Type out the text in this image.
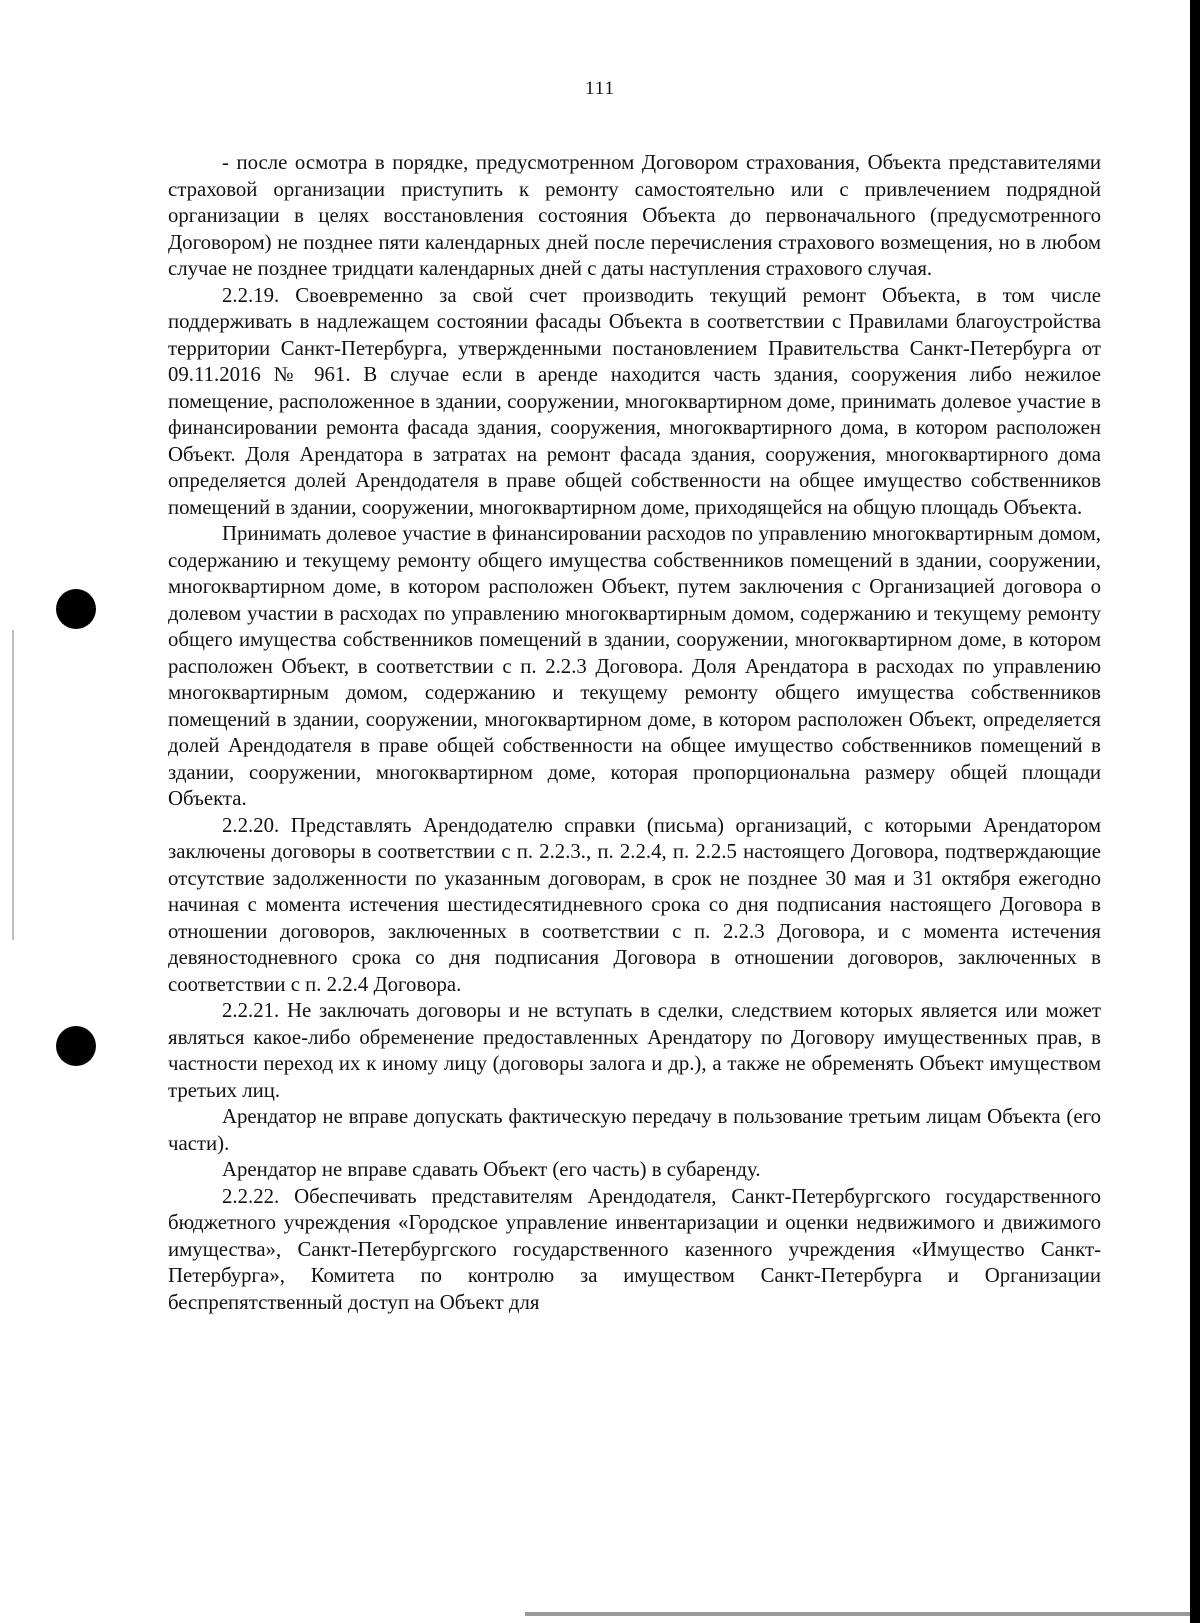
111

- после осмотра в порядке, предусмотренном Договором страхования, Объекта представителями страховой организации приступить к ремонту самостоятельно или с привлечением подрядной организации в целях восстановления состояния Объекта до первоначального (предусмотренного Договором) не позднее пяти календарных дней после перечисления страхового возмещения, но в любом случае не позднее тридцати календарных дней с даты наступления страхового случая.

2.2.19. Своевременно за свой счет производить текущий ремонт Объекта, в том числе поддерживать в надлежащем состоянии фасады Объекта в соответствии с Правилами благоустройства территории Санкт-Петербурга, утвержденными постановлением Правительства Санкт-Петербурга от 09.11.2016 № 961. В случае если в аренде находится часть здания, сооружения либо нежилое помещение, расположенное в здании, сооружении, многоквартирном доме, принимать долевое участие в финансировании ремонта фасада здания, сооружения, многоквартирного дома, в котором расположен Объект. Доля Арендатора в затратах на ремонт фасада здания, сооружения, многоквартирного дома определяется долей Арендодателя в праве общей собственности на общее имущество собственников помещений в здании, сооружении, многоквартирном доме, приходящейся на общую площадь Объекта.

Принимать долевое участие в финансировании расходов по управлению многоквартирным домом, содержанию и текущему ремонту общего имущества собственников помещений в здании, сооружении, многоквартирном доме, в котором расположен Объект, путем заключения с Организацией договора о долевом участии в расходах по управлению многоквартирным домом, содержанию и текущему ремонту общего имущества собственников помещений в здании, сооружении, многоквартирном доме, в котором расположен Объект, в соответствии с п. 2.2.3 Договора. Доля Арендатора в расходах по управлению многоквартирным домом, содержанию и текущему ремонту общего имущества собственников помещений в здании, сооружении, многоквартирном доме, в котором расположен Объект, определяется долей Арендодателя в праве общей собственности на общее имущество собственников помещений в здании, сооружении, многоквартирном доме, которая пропорциональна размеру общей площади Объекта.

2.2.20. Представлять Арендодателю справки (письма) организаций, с которыми Арендатором заключены договоры в соответствии с п. 2.2.3., п. 2.2.4, п. 2.2.5 настоящего Договора, подтверждающие отсутствие задолженности по указанным договорам, в срок не позднее 30 мая и 31 октября ежегодно начиная с момента истечения шестидесятидневного срока со дня подписания настоящего Договора в отношении договоров, заключенных в соответствии с п. 2.2.3 Договора, и с момента истечения девяностодневного срока со дня подписания Договора в отношении договоров, заключенных в соответствии с п. 2.2.4 Договора.

2.2.21. Не заключать договоры и не вступать в сделки, следствием которых является или может являться какое-либо обременение предоставленных Арендатору по Договору имущественных прав, в частности переход их к иному лицу (договоры залога и др.), а также не обременять Объект имуществом третьих лиц.

Арендатор не вправе допускать фактическую передачу в пользование третьим лицам Объекта (его части).

Арендатор не вправе сдавать Объект (его часть) в субаренду.

2.2.22. Обеспечивать представителям Арендодателя, Санкт-Петербургского государственного бюджетного учреждения «Городское управление инвентаризации и оценки недвижимого и движимого имущества», Санкт-Петербургского государственного казенного учреждения «Имущество Санкт-Петербурга», Комитета по контролю за имуществом Санкт-Петербурга и Организации беспрепятственный доступ на Объект для
